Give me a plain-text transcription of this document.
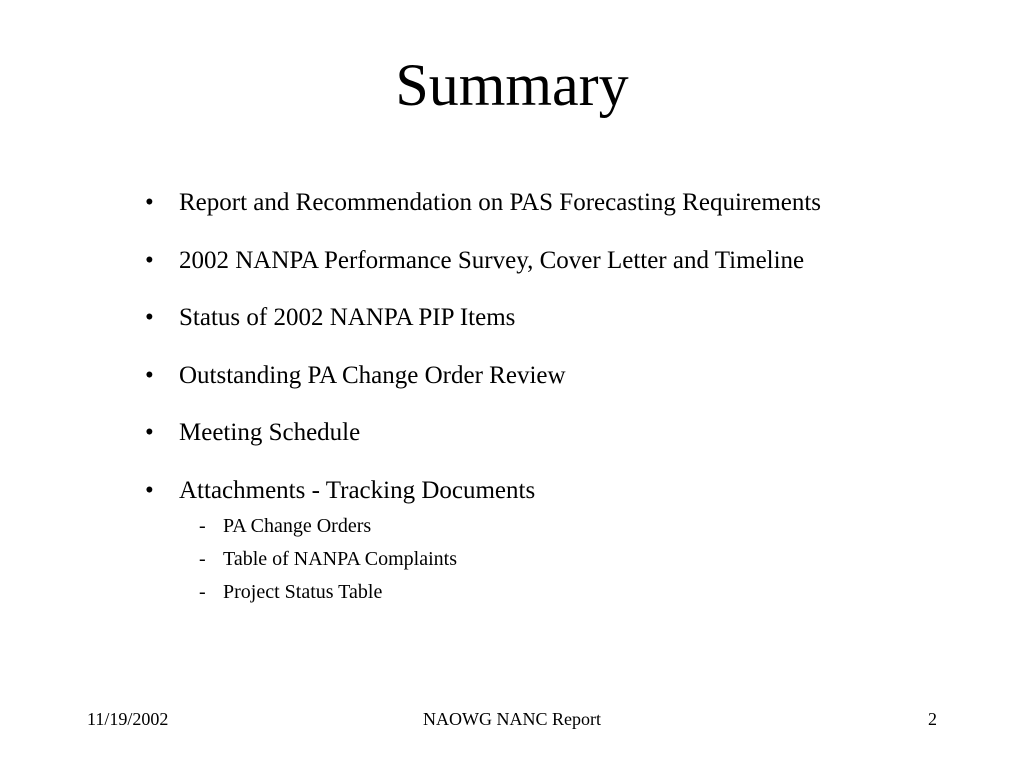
Summary
•	Report and Recommendation on PAS Forecasting Requirements
•	2002 NANPA Performance Survey, Cover Letter and Timeline
•	Status of 2002 NANPA PIP Items
•	Outstanding PA Change Order Review
•	Meeting Schedule
•	Attachments - Tracking Documents
- PA Change Orders
- Table of NANPA Complaints
- Project Status Table
11/19/2002	NAOWG NANC Report	2
